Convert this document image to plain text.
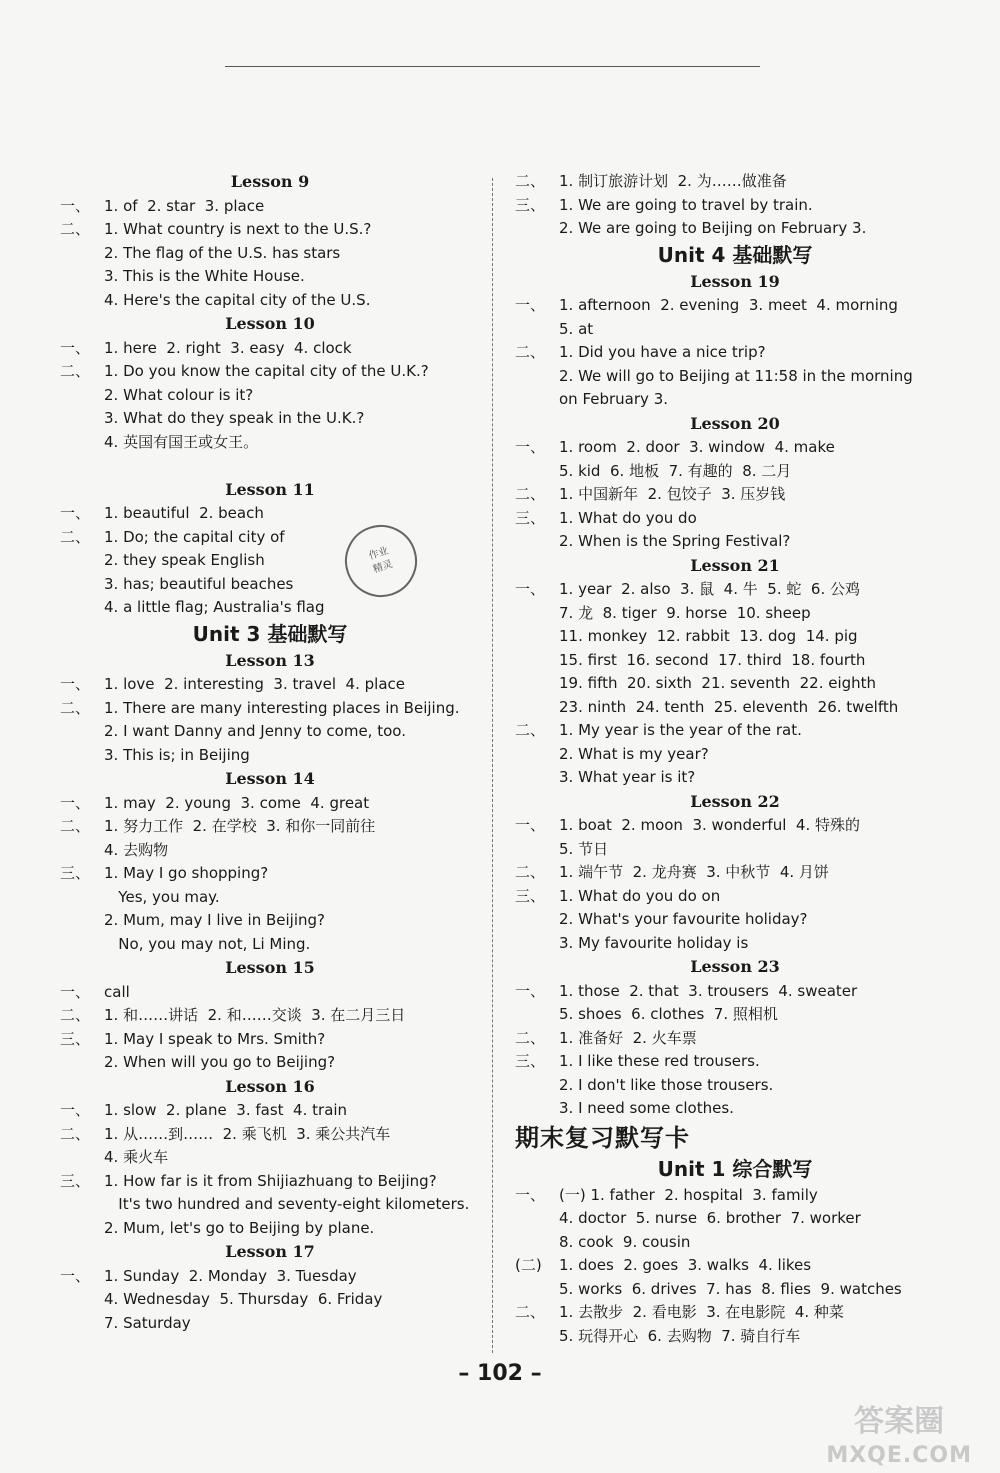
Lesson 9
一、 1. of  2. star  3. place
二、 1. What country is next to the U.S.?
2. The flag of the U.S. has stars
3. This is the White House.
4. Here's the capital city of the U.S.
Lesson 10
一、 1. here  2. right  3. easy  4. clock
二、 1. Do you know the capital city of the U.K.?
2. What colour is it?
3. What do they speak in the U.K.?
4. 英国有国王或女王。
Lesson 11
一、 1. beautiful  2. beach
二、 1. Do; the capital city of
2. they speak English
3. has; beautiful beaches
4. a little flag; Australia's flag
Unit 3 基础默写
Lesson 13
一、 1. love  2. interesting  3. travel  4. place
二、 1. There are many interesting places in Beijing.
2. I want Danny and Jenny to come, too.
3. This is; in Beijing
Lesson 14
一、 1. may  2. young  3. come  4. great
二、 1. 努力工作  2. 在学校  3. 和你一同前往
4. 去购物
三、 1. May I go shopping?
Yes, you may.
2. Mum, may I live in Beijing?
No, you may not, Li Ming.
Lesson 15
一、 call
二、 1. 和……讲话  2. 和……交谈  3. 在二月三日
三、 1. May I speak to Mrs. Smith?
2. When will you go to Beijing?
Lesson 16
一、 1. slow  2. plane  3. fast  4. train
二、 1. 从……到……  2. 乘飞机  3. 乘公共汽车
4. 乘火车
三、 1. How far is it from Shijiazhuang to Beijing?
It's two hundred and seventy-eight kilometers.
2. Mum, let's go to Beijing by plane.
Lesson 17
一、 1. Sunday  2. Monday  3. Tuesday
4. Wednesday  5. Thursday  6. Friday
7. Saturday
二、 1. 制订旅游计划  2. 为……做准备
三、 1. We are going to travel by train.
2. We are going to Beijing on February 3.
Unit 4 基础默写
Lesson 19
一、 1. afternoon  2. evening  3. meet  4. morning
5. at
二、 1. Did you have a nice trip?
2. We will go to Beijing at 11:58 in the morning
on February 3.
Lesson 20
一、 1. room  2. door  3. window  4. make
5. kid  6. 地板  7. 有趣的  8. 二月
二、 1. 中国新年  2. 包饺子  3. 压岁钱
三、 1. What do you do
2. When is the Spring Festival?
Lesson 21
一、 1. year  2. also  3. 鼠  4. 牛  5. 蛇  6. 公鸡
7. 龙  8. tiger  9. horse  10. sheep
11. monkey  12. rabbit  13. dog  14. pig
15. first  16. second  17. third  18. fourth
19. fifth  20. sixth  21. seventh  22. eighth
23. ninth  24. tenth  25. eleventh  26. twelfth
二、 1. My year is the year of the rat.
2. What is my year?
3. What year is it?
Lesson 22
一、 1. boat  2. moon  3. wonderful  4. 特殊的
5. 节日
二、 1. 端午节  2. 龙舟赛  3. 中秋节  4. 月饼
三、 1. What do you do on
2. What's your favourite holiday?
3. My favourite holiday is
Lesson 23
一、 1. those  2. that  3. trousers  4. sweater
5. shoes  6. clothes  7. 照相机
二、 1. 准备好  2. 火车票
三、 1. I like these red trousers.
2. I don't like those trousers.
3. I need some clothes.
期末复习默写卡
Unit 1 综合默写
一、 (一) 1. father  2. hospital  3. family
4. doctor  5. nurse  6. brother  7. worker
8. cook  9. cousin
(二) 1. does  2. goes  3. walks  4. likes
5. works  6. drives  7. has  8. flies  9. watches
二、 1. 去散步  2. 看电影  3. 在电影院  4. 种菜
5. 玩得开心  6. 去购物  7. 骑自行车
作业
精灵
– 102 –
答案圈
MXQE.COM
